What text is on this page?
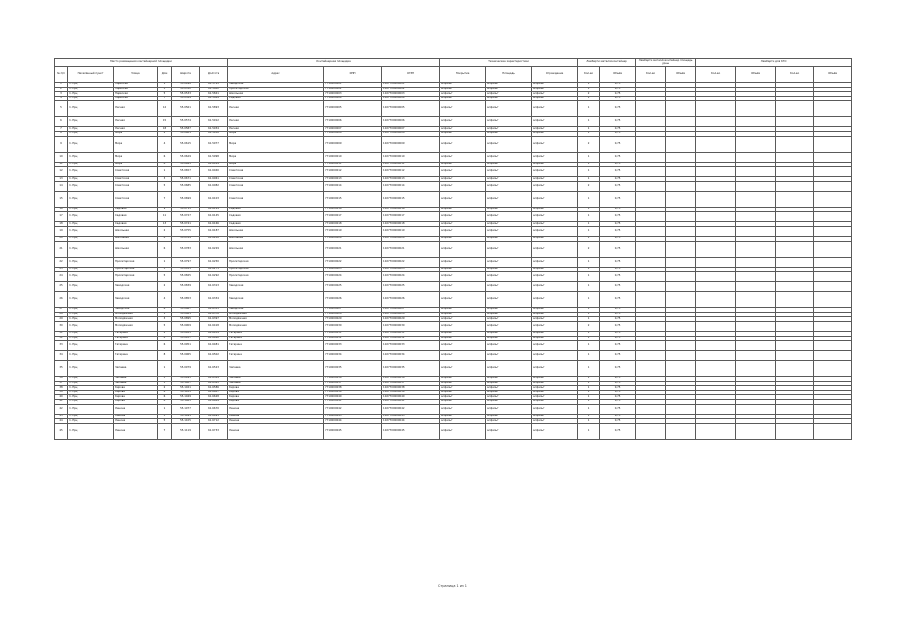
Место размещения контейнерной площадки						Контейнерная площадка			Технические характеристики			Ламбарти металлоконтейнер		Ламбарти металлоконтейнер площадь урны		Ламбарти для КГО			
№ п/п	Населённый пункт	Улица	Дом	Широта	Долгота	Адрес	ИНН	ОГРН	Покрытие	Площадь	Ограждение	Кол-во	Объём	Кол-во	Объём	Кол-во	Объём	Кол-во	Объём
1	п. Ерц	Нарвская	1	55.0498	61.5765	Заводская	7710000001	1027700000001	асфальт	асфальт	асфальт	1	0,75						
2	п. Ерц	Нарвская	3	55.0512	61.5802	Пролетарская	7710000002	1027700000002	асфальт	асфальт	асфальт	1	0,75						
3	п. Ерц	Нарвская	5	55.0533	61.5841	Школьная	7710000003	1027700000003	асфальт	асфальт	асфальт	2	0,75						
4	п. Ерц	Нарвская	7	55.0549	61.5869	Садовая	7710000004	1027700000004	асфальт	асфальт	асфальт	1	0,75						
5	п. Ерц	Лесная	12	55.0561	61.5893	Лесная	7710000005	1027700000005	асфальт	асфальт	асфальт	1	0,75						
6	п. Ерц	Лесная	15	55.0574	61.5912	Лесная	7710000006	1027700000006	асфальт	асфальт	асфальт	1	0,75						
7	п. Ерц	Лесная	18	55.0587	61.5934	Лесная	7710000007	1027700000007	асфальт	асфальт	асфальт	1	0,75						
8	п. Ерц	Мира	2	55.0601	61.5956	Мира	7710000008	1027700000008	асфальт	асфальт	асфальт	1	0,75						
9	п. Ерц	Мира	4	55.0615	61.5977	Мира	7710000009	1027700000009	асфальт	асфальт	асфальт	2	0,75						
10	п. Ерц	Мира	6	55.0629	61.5998	Мира	7710000010	1027700000010	асфальт	асфальт	асфальт	1	0,75						
11	п. Ерц	Мира	8	55.0643	61.6019	Мира	7710000011	1027700000011	асфальт	асфальт	асфальт	1	0,75						
12	п. Ерц	Советская	1	55.0657	61.6040	Советская	7710000012	1027700000012	асфальт	асфальт	асфальт	1	0,75						
13	п. Ерц	Советская	3	55.0671	61.6061	Советская	7710000013	1027700000013	асфальт	асфальт	асфальт	1	0,75						
14	п. Ерц	Советская	5	55.0685	61.6082	Советская	7710000014	1027700000014	асфальт	асфальт	асфальт	2	0,75						
15	п. Ерц	Советская	7	55.0699	61.6103	Советская	7710000015	1027700000015	асфальт	асфальт	асфальт	1	0,75						
16	п. Ерц	Садовая	9	55.0713	61.6124	Садовая	7710000016	1027700000016	асфальт	асфальт	асфальт	1	0,75						
17	п. Ерц	Садовая	11	55.0727	61.6145	Садовая	7710000017	1027700000017	асфальт	асфальт	асфальт	1	0,75						
18	п. Ерц	Садовая	13	55.0741	61.6166	Садовая	7710000018	1027700000018	асфальт	асфальт	асфальт	1	0,75						
19	п. Ерц	Школьная	2	55.0755	61.6187	Школьная	7710000019	1027700000019	асфальт	асфальт	асфальт	1	0,75						
20	п. Ерц	Школьная	4	55.0769	61.6208	Школьная	7710000020	1027700000020	асфальт	асфальт	асфальт	1	0,75						
21	п. Ерц	Школьная	6	55.0783	61.6229	Школьная	7710000021	1027700000021	асфальт	асфальт	асфальт	2	0,75						
22	п. Ерц	Пролетарская	1	55.0797	61.6250	Пролетарская	7710000022	1027700000022	асфальт	асфальт	асфальт	1	0,75						
23	п. Ерц	Пролетарская	3	55.0811	61.6271	Пролетарская	7710000023	1027700000023	асфальт	асфальт	асфальт	1	0,75						
24	п. Ерц	Пролетарская	5	55.0825	61.6292	Пролетарская	7710000024	1027700000024	асфальт	асфальт	асфальт	1	0,75						
25	п. Ерц	Заводская	2	55.0839	61.6313	Заводская	7710000025	1027700000025	асфальт	асфальт	асфальт	1	0,75						
26	п. Ерц	Заводская	4	55.0853	61.6334	Заводская	7710000026	1027700000026	асфальт	асфальт	асфальт	1	0,75						
27	п. Ерц	Заводская	6	55.0867	61.6355	Заводская	7710000027	1027700000027	асфальт	асфальт	асфальт	1	0,75						
28	п. Ерц	Молодёжная	1	55.0881	61.6376	Молодёжная	7710000028	1027700000028	асфальт	асфальт	асфальт	1	0,75						
29	п. Ерц	Молодёжная	3	55.0895	61.6397	Молодёжная	7710000029	1027700000029	асфальт	асфальт	асфальт	1	0,75						
30	п. Ерц	Молодёжная	5	55.0909	61.6418	Молодёжная	7710000030	1027700000030	асфальт	асфальт	асфальт	2	0,75						
31	п. Ерц	Гагарина	2	55.0923	61.6439	Гагарина	7710000031	1027700000031	асфальт	асфальт	асфальт	1	0,75						
32	п. Ерц	Гагарина	4	55.0937	61.6460	Гагарина	7710000032	1027700000032	асфальт	асфальт	асфальт	1	0,75						
33	п. Ерц	Гагарина	6	55.0951	61.6481	Гагарина	7710000033	1027700000033	асфальт	асфальт	асфальт	1	0,75						
34	п. Ерц	Гагарина	8	55.0965	61.6502	Гагарина	7710000034	1027700000034	асфальт	асфальт	асфальт	1	0,75						
35	п. Ерц	Чапаева	1	55.0979	61.6523	Чапаева	7710000035	1027700000035	асфальт	асфальт	асфальт	1	0,75						
36	п. Ерц	Чапаева	3	55.0993	61.6544	Чапаева	7710000036	1027700000036	асфальт	асфальт	асфальт	1	0,75						
37	п. Ерц	Чапаева	5	55.1007	61.6565	Чапаева	7710000037	1027700000037	асфальт	асфальт	асфальт	1	0,75						
38	п. Ерц	Кирова	2	55.1021	61.6586	Кирова	7710000038	1027700000038	асфальт	асфальт	асфальт	1	0,75						
39	п. Ерц	Кирова	4	55.1035	61.6607	Кирова	7710000039	1027700000039	асфальт	асфальт	асфальт	1	0,75						
40	п. Ерц	Кирова	6	55.1049	61.6628	Кирова	7710000040	1027700000040	асфальт	асфальт	асфальт	1	0,75						
41	п. Ерц	Кирова	8	55.1063	61.6649	Кирова	7710000041	1027700000041	асфальт	асфальт	асфальт	1	0,75						
42	п. Ерц	Ленина	1	55.1077	61.6670	Ленина	7710000042	1027700000042	асфальт	асфальт	асфальт	1	0,75						
43	п. Ерц	Ленина	3	55.1091	61.6691	Ленина	7710000043	1027700000043	асфальт	асфальт	асфальт	1	0,75						
44	п. Ерц	Ленина	5	55.1105	61.6712	Ленина	7710000044	1027700000044	асфальт	асфальт	асфальт	1	0,75						
45	п. Ерц	Ленина	7	55.1119	61.6733	Ленина	7710000045	1027700000045	асфальт	асфальт	асфальт	1	0,75						
Страница 1 из 1
